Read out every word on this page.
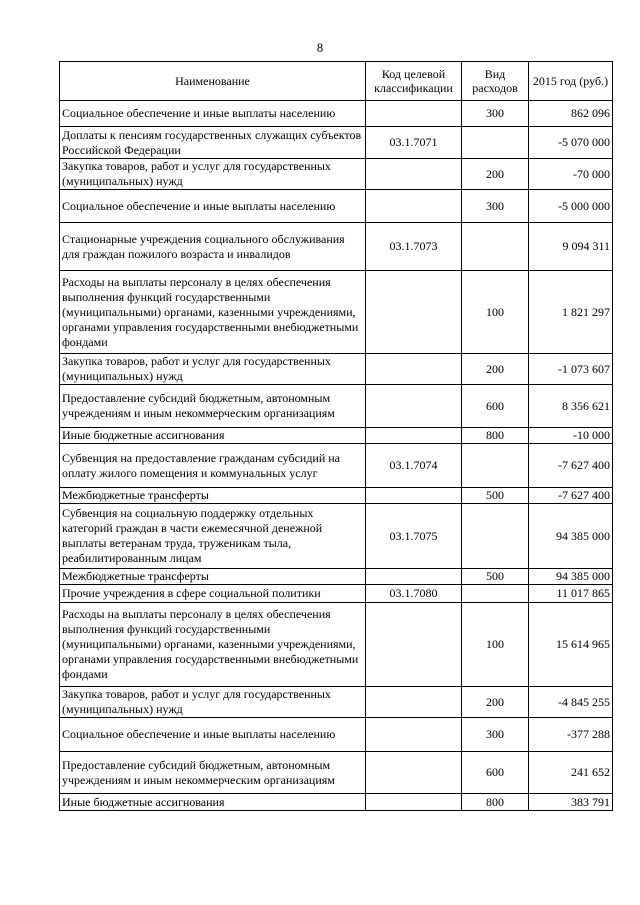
8
Наименование	Код целевой классификации	Вид расходов	2015 год (руб.)
Социальное обеспечение и иные выплаты населению		300	862 096
Доплаты к пенсиям государственных служащих субъектов Российской Федерации	03.1.7071		-5 070 000
Закупка товаров, работ и услуг для государственных (муниципальных) нужд		200	-70 000
Социальное обеспечение и иные выплаты населению		300	-5 000 000
Стационарные учреждения социального обслуживания для граждан пожилого возраста и инвалидов	03.1.7073		9 094 311
Расходы на выплаты персоналу в целях обеспечения выполнения функций государственными (муниципальными) органами, казенными учреждениями, органами управления государственными внебюджетными фондами		100	1 821 297
Закупка товаров, работ и услуг для государственных (муниципальных) нужд		200	-1 073 607
Предоставление субсидий бюджетным, автономным учреждениям и иным некоммерческим организациям		600	8 356 621
Иные бюджетные ассигнования		800	-10 000
Субвенция на предоставление гражданам субсидий на оплату жилого помещения и коммунальных услуг	03.1.7074		-7 627 400
Межбюджетные трансферты		500	-7 627 400
Субвенция на социальную поддержку отдельных категорий граждан в части ежемесячной денежной выплаты ветеранам труда, труженикам тыла, реабилитированным лицам	03.1.7075		94 385 000
Межбюджетные трансферты		500	94 385 000
Прочие учреждения в сфере социальной политики	03.1.7080		11 017 865
Расходы на выплаты персоналу в целях обеспечения выполнения функций государственными (муниципальными) органами, казенными учреждениями, органами управления государственными внебюджетными фондами		100	15 614 965
Закупка товаров, работ и услуг для государственных (муниципальных) нужд		200	-4 845 255
Социальное обеспечение и иные выплаты населению		300	-377 288
Предоставление субсидий бюджетным, автономным учреждениям и иным некоммерческим организациям		600	241 652
Иные бюджетные ассигнования		800	383 791
